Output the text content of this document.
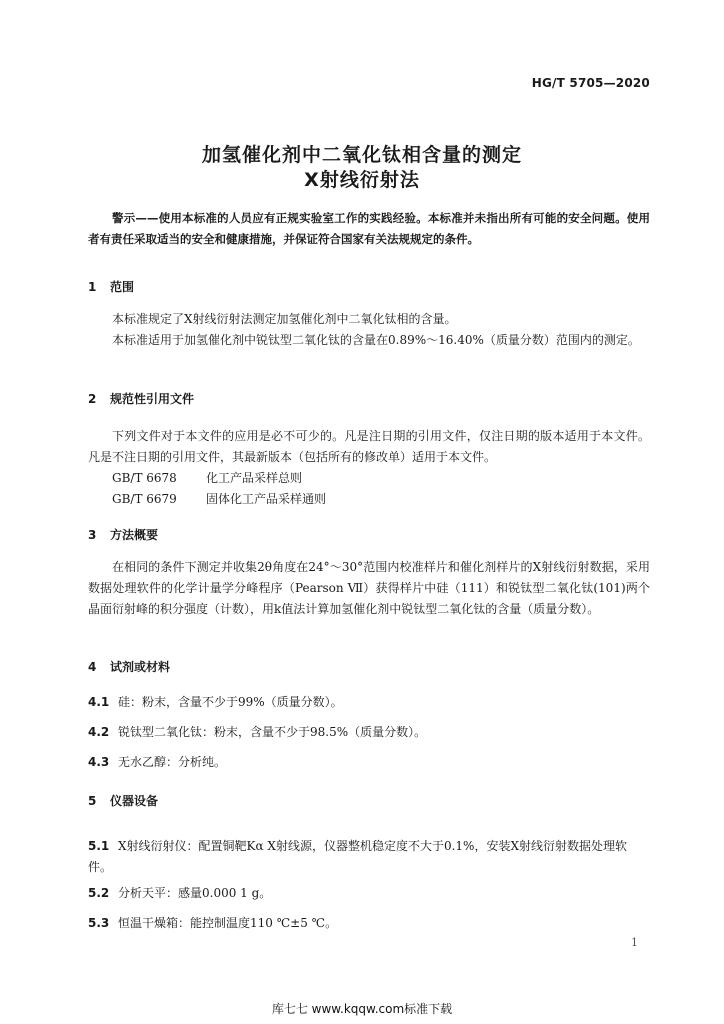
HG/T 5705—2020
加氢催化剂中二氧化钛相含量的测定
X射线衍射法
警示——使用本标准的人员应有正规实验室工作的实践经验。本标准并未指出所有可能的安全问题。使用者有责任采取适当的安全和健康措施，并保证符合国家有关法规规定的条件。
1 范围
本标准规定了X射线衍射法测定加氢催化剂中二氧化钛相的含量。
本标准适用于加氢催化剂中锐钛型二氧化钛的含量在0.89%～16.40%（质量分数）范围内的测定。
2 规范性引用文件
下列文件对于本文件的应用是必不可少的。凡是注日期的引用文件，仅注日期的版本适用于本文件。凡是不注日期的引用文件，其最新版本（包括所有的修改单）适用于本文件。
GB/T 6678 化工产品采样总则
GB/T 6679 固体化工产品采样通则
3 方法概要
在相同的条件下测定并收集2θ角度在24°～30°范围内校准样片和催化剂样片的X射线衍射数据，采用数据处理软件的化学计量学分峰程序（Pearson Ⅶ）获得样片中硅（111）和锐钛型二氧化钛(101)两个晶面衍射峰的积分强度（计数），用k值法计算加氢催化剂中锐钛型二氧化钛的含量（质量分数）。
4 试剂或材料
4.1 硅：粉末，含量不少于99%（质量分数）。
4.2 锐钛型二氧化钛：粉末，含量不少于98.5%（质量分数）。
4.3 无水乙醇：分析纯。
5 仪器设备
5.1 X射线衍射仪：配置铜靶Kα X射线源，仪器整机稳定度不大于0.1%，安装X射线衍射数据处理软件。
5.2 分析天平：感量0.000 1 g。
5.3 恒温干燥箱：能控制温度110 ℃±5 ℃。
1
库七七 www.kqqw.com标准下载
